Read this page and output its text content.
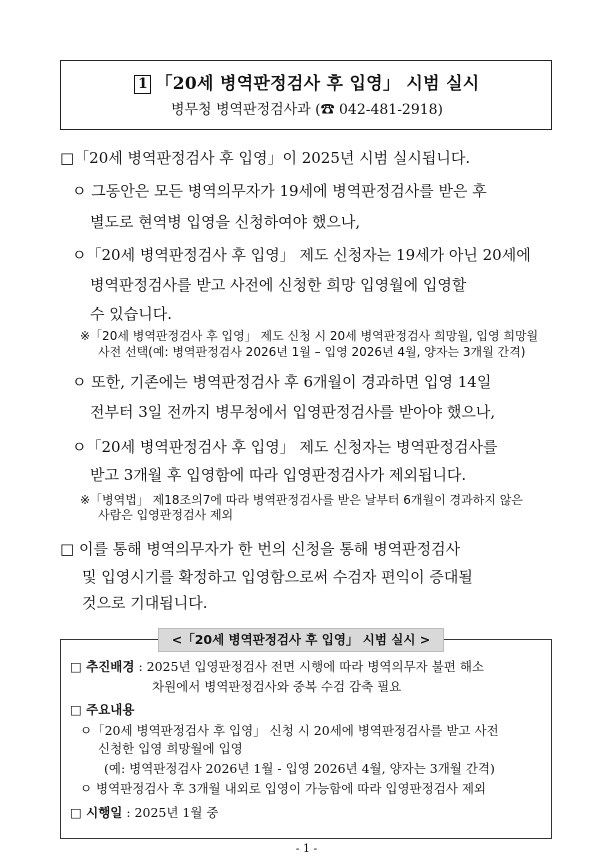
1 「20세 병역판정검사 후 입영」 시범 실시
병무청 병역판정검사과 (☎ 042-481-2918)
□「20세 병역판정검사 후 입영」이 2025년 시범 실시됩니다.
ㅇ 그동안은 모든 병역의무자가 19세에 병역판정검사를 받은 후
별도로 현역병 입영을 신청하여야 했으나,
ㅇ「20세 병역판정검사 후 입영」 제도 신청자는 19세가 아닌 20세에
병역판정검사를 받고 사전에 신청한 희망 입영월에 입영할
수 있습니다.
※「20세 병역판정검사 후 입영」 제도 신청 시 20세 병역판정검사 희망월, 입영 희망월
사전 선택(예: 병역판정검사 2026년 1월 – 입영 2026년 4월, 양자는 3개월 간격)
ㅇ 또한, 기존에는 병역판정검사 후 6개월이 경과하면 입영 14일
전부터 3일 전까지 병무청에서 입영판정검사를 받아야 했으나,
ㅇ「20세 병역판정검사 후 입영」 제도 신청자는 병역판정검사를
받고 3개월 후 입영함에 따라 입영판정검사가 제외됩니다.
※「병역법」 제18조의7에 따라 병역판정검사를 받은 날부터 6개월이 경과하지 않은
사람은 입영판정검사 제외
□ 이를 통해 병역의무자가 한 번의 신청을 통해 병역판정검사
및 입영시기를 확정하고 입영함으로써 수검자 편익이 증대될
것으로 기대됩니다.
<「20세 병역판정검사 후 입영」 시범 실시 >
□ 추진배경 : 2025년 입영판정검사 전면 시행에 따라 병역의무자 불편 해소
차원에서 병역판정검사와 중복 수검 감축 필요
□ 주요내용
ㅇ「20세 병역판정검사 후 입영」 신청 시 20세에 병역판정검사를 받고 사전
신청한 입영 희망월에 입영
(예: 병역판정검사 2026년 1월 - 입영 2026년 4월, 양자는 3개월 간격)
ㅇ 병역판정검사 후 3개월 내외로 입영이 가능함에 따라 입영판정검사 제외
□ 시행일 : 2025년 1월 중
- 1 -
